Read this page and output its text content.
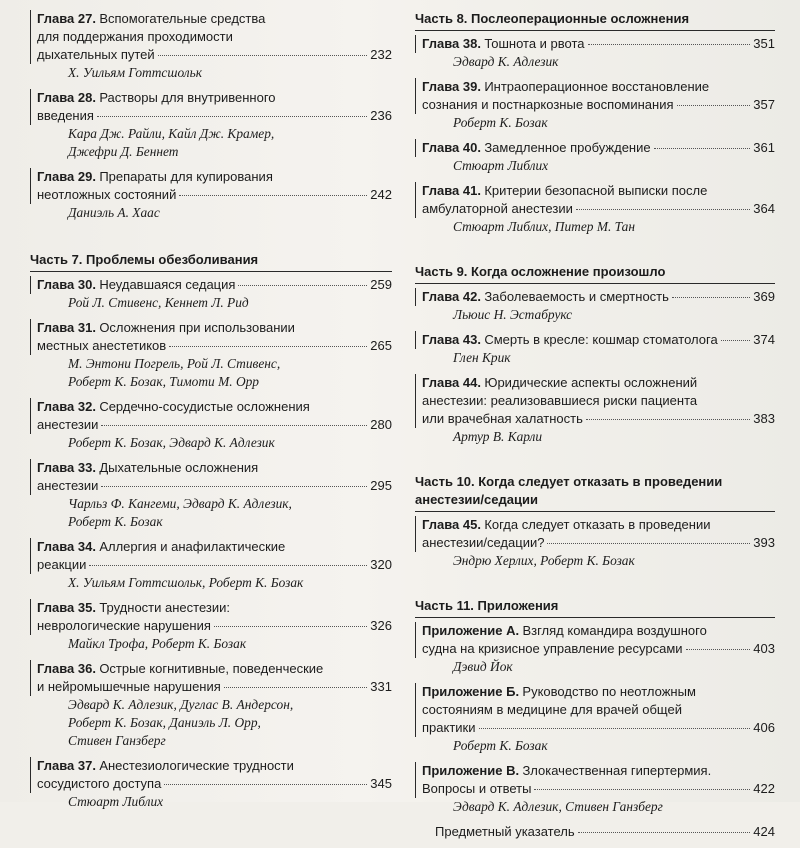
Глава 27.
Вспомогательные средства
для поддержания проходимости
дыхательных путей	232
Х. Уильям Готтсшольк
Глава 28.
Растворы для внутривенного
введения	236
Кара Дж. Райли, Кайл Дж. Крамер,
Джефри Д. Беннет
Глава 29.
Препараты для купирования
неотложных состояний	242
Даниэль А. Хаас
Часть 7. Проблемы обезболивания
Глава 30.
Неудавшаяся седация	259
Рой Л. Стивенс, Кеннет Л. Рид
Глава 31.
Осложнения при использовании
местных анестетиков	265
М. Энтони Погрель, Рой Л. Стивенс,
Роберт К. Бозак, Тимоти М. Орр
Глава 32.
Сердечно-сосудистые осложнения
анестезии	280
Роберт К. Бозак, Эдвард К. Адлезик
Глава 33.
Дыхательные осложнения
анестезии	295
Чарльз Ф. Кангеми, Эдвард К. Адлезик,
Роберт К. Бозак
Глава 34.
Аллергия и анафилактические
реакции	320
Х. Уильям Готтсшольк, Роберт К. Бозак
Глава 35.
Трудности анестезии:
неврологические нарушения	326
Майкл Трофа, Роберт К. Бозак
Глава 36.
Острые когнитивные, поведенческие
и нейромышечные нарушения	331
Эдвард К. Адлезик, Дуглас В. Андерсон,
Роберт К. Бозак, Даниэль Л. Орр,
Стивен Ганзберг
Глава 37.
Анестезиологические трудности
сосудистого доступа	345
Стюарт Либлих
Часть 8. Послеоперационные осложнения
Глава 38.
Тошнота и рвота	351
Эдвард К. Адлезик
Глава 39.
Интраоперационное восстановление
сознания и постнаркозные воспоминания	357
Роберт К. Бозак
Глава 40.
Замедленное пробуждение	361
Стюарт Либлих
Глава 41.
Критерии безопасной выписки после
амбулаторной анестезии	364
Стюарт Либлих, Питер М. Тан
Часть 9. Когда осложнение произошло
Глава 42.
Заболеваемость и смертность	369
Льюис Н. Эстабрукс
Глава 43.
Смерть в кресле: кошмар стоматолога	374
Глен Крик
Глава 44.
Юридические аспекты осложнений
анестезии: реализовавшиеся риски пациента
или врачебная халатность	383
Артур В. Карли
Часть 10. Когда следует отказать в проведении
анестезии/седации
Глава 45.
Когда следует отказать в проведении
анестезии/седации?	393
Эндрю Херлих, Роберт К. Бозак
Часть 11. Приложения
Приложение А.
Взгляд командира воздушного
судна на кризисное управление ресурсами	403
Дэвид Йок
Приложение Б.
Руководство по неотложным
состояниям в медицине для врачей общей
практики	406
Роберт К. Бозак
Приложение В.
Злокачественная гипертермия.
Вопросы и ответы	422
Эдвард К. Адлезик, Стивен Ганзберг
Предметный указатель	424
